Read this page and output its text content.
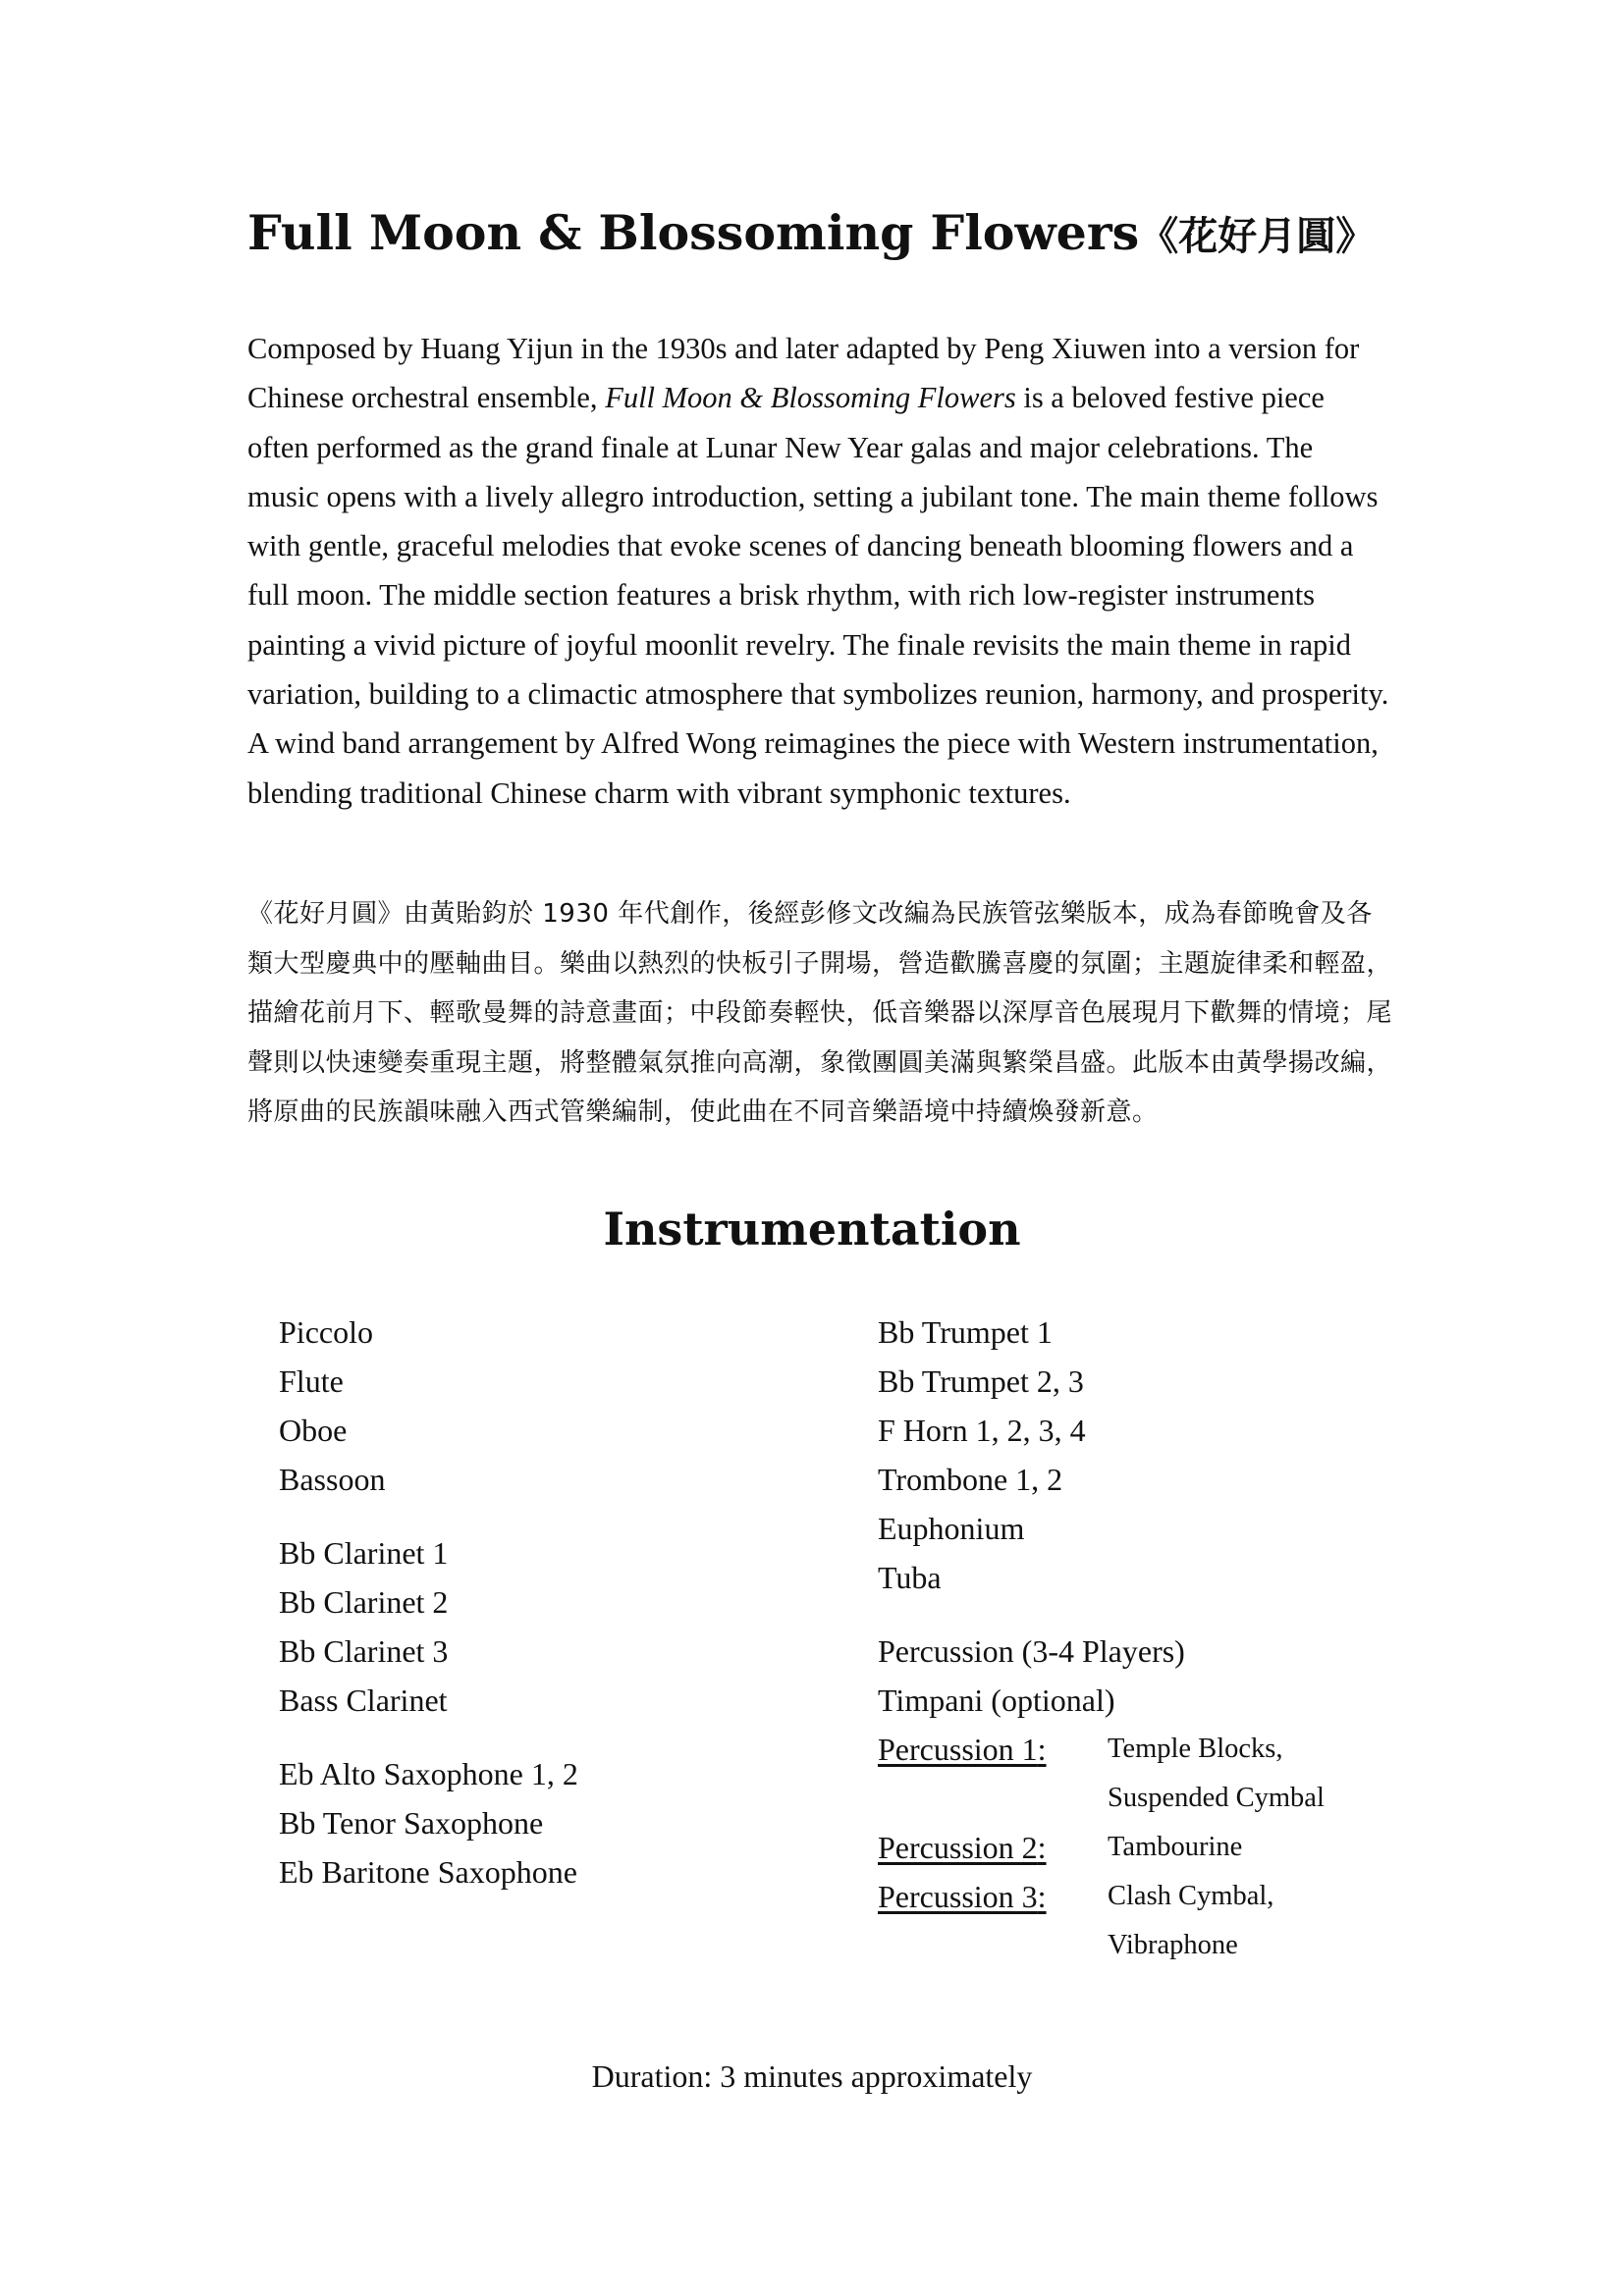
Full Moon & Blossoming Flowers《花好月圓》

Composed by Huang Yijun in the 1930s and later adapted by Peng Xiuwen into a version for Chinese orchestral ensemble, Full Moon & Blossoming Flowers is a beloved festive piece often performed as the grand finale at Lunar New Year galas and major celebrations. The music opens with a lively allegro introduction, setting a jubilant tone. The main theme follows with gentle, graceful melodies that evoke scenes of dancing beneath blooming flowers and a full moon. The middle section features a brisk rhythm, with rich low-register instruments painting a vivid picture of joyful moonlit revelry. The finale revisits the main theme in rapid variation, building to a climactic atmosphere that symbolizes reunion, harmony, and prosperity. A wind band arrangement by Alfred Wong reimagines the piece with Western instrumentation, blending traditional Chinese charm with vibrant symphonic textures.

《花好月圓》由黃貽鈞於 1930 年代創作，後經彭修文改編為民族管弦樂版本，成為春節晚會及各類大型慶典中的壓軸曲目。樂曲以熱烈的快板引子開場，營造歡騰喜慶的氛圍；主題旋律柔和輕盈，描繪花前月下、輕歌曼舞的詩意畫面；中段節奏輕快，低音樂器以深厚音色展現月下歡舞的情境；尾聲則以快速變奏重現主題，將整體氣氛推向高潮，象徵團圓美滿與繁榮昌盛。此版本由黃學揚改編，將原曲的民族韻味融入西式管樂編制，使此曲在不同音樂語境中持續煥發新意。

Instrumentation
Piccolo
Flute
Oboe
Bassoon
Bb Clarinet 1
Bb Clarinet 2
Bb Clarinet 3
Bass Clarinet
Eb Alto Saxophone 1, 2
Bb Tenor Saxophone
Eb Baritone Saxophone
Bb Trumpet 1
Bb Trumpet 2, 3
F Horn 1, 2, 3, 4
Trombone 1, 2
Euphonium
Tuba
Percussion (3-4 Players)
Timpani (optional)
Percussion 1:	Temple Blocks,
Suspended Cymbal
Percussion 2:	Tambourine
Percussion 3:	Clash Cymbal,
Vibraphone

Duration: 3 minutes approximately
